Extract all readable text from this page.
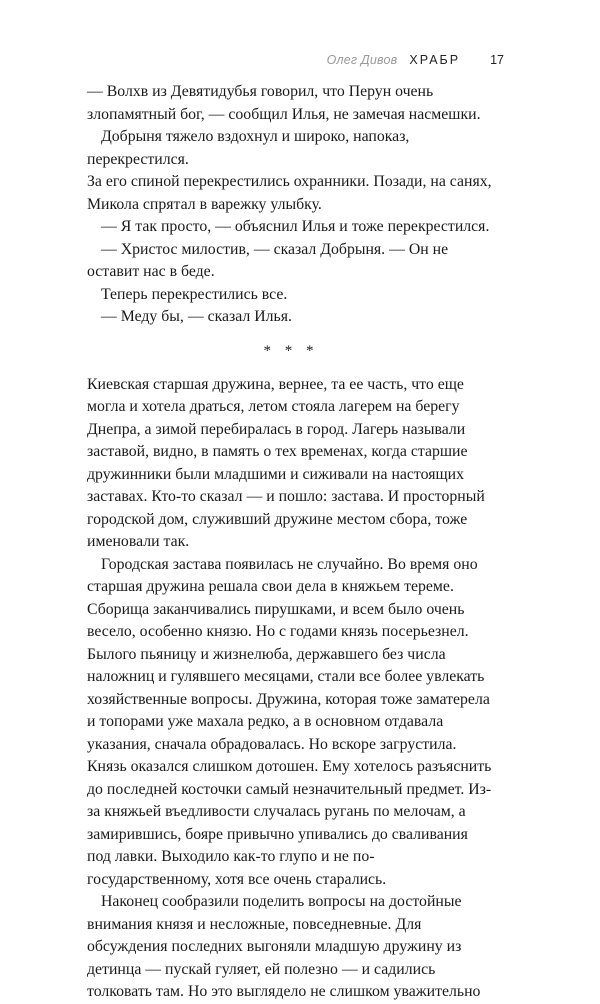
Олег Дивов ХРАБР 17

— Волхв из Девятидубья говорил, что Перун очень злопамятный бог, — сообщил Илья, не замечая насмешки.

Добрыня тяжело вздохнул и широко, напоказ, перекрестился.

За его спиной перекрестились охранники. Позади, на санях, Микола спрятал в варежку улыбку.

— Я так просто, — объяснил Илья и тоже перекрестился.

— Христос милостив, — сказал Добрыня. — Он не оставит нас в беде.

Теперь перекрестились все.

— Меду бы, — сказал Илья.

* * *

Киевская старшая дружина, вернее, та ее часть, что еще могла и хотела драться, летом стояла лагерем на берегу Днепра, а зимой перебиралась в город. Лагерь называли заставой, видно, в память о тех временах, когда старшие дружинники были младшими и сиживали на настоящих заставах. Кто-то сказал — и пошло: застава. И просторный городской дом, служивший дружине местом сбора, тоже именовали так.

Городская застава появилась не случайно. Во время оно старшая дружина решала свои дела в княжьем тереме. Сборища заканчивались пирушками, и всем было очень весело, особенно князю. Но с годами князь посерьезнел. Былого пьяницу и жизнелюба, державшего без числа наложниц и гулявшего месяцами, стали все более увлекать хозяйственные вопросы. Дружина, которая тоже заматерела и топорами уже махала редко, а в основном отдавала указания, сначала обрадовалась. Но вскоре загрустила. Князь оказался слишком дотошен. Ему хотелось разъяснить до последней косточки самый незначительный предмет. Из-за княжьей въедливости случалась ругань по мелочам, а замирившись, бояре привычно упивались до сваливания под лавки. Выходило как-то глупо и не по-государственному, хотя все очень старались.

Наконец сообразили поделить вопросы на достойные внимания князя и несложные, повседневные. Для обсуждения последних выгоняли младшую дружину из детинца — пускай гуляет, ей полезно — и садились толковать там. Но это выглядело не слишком уважительно
